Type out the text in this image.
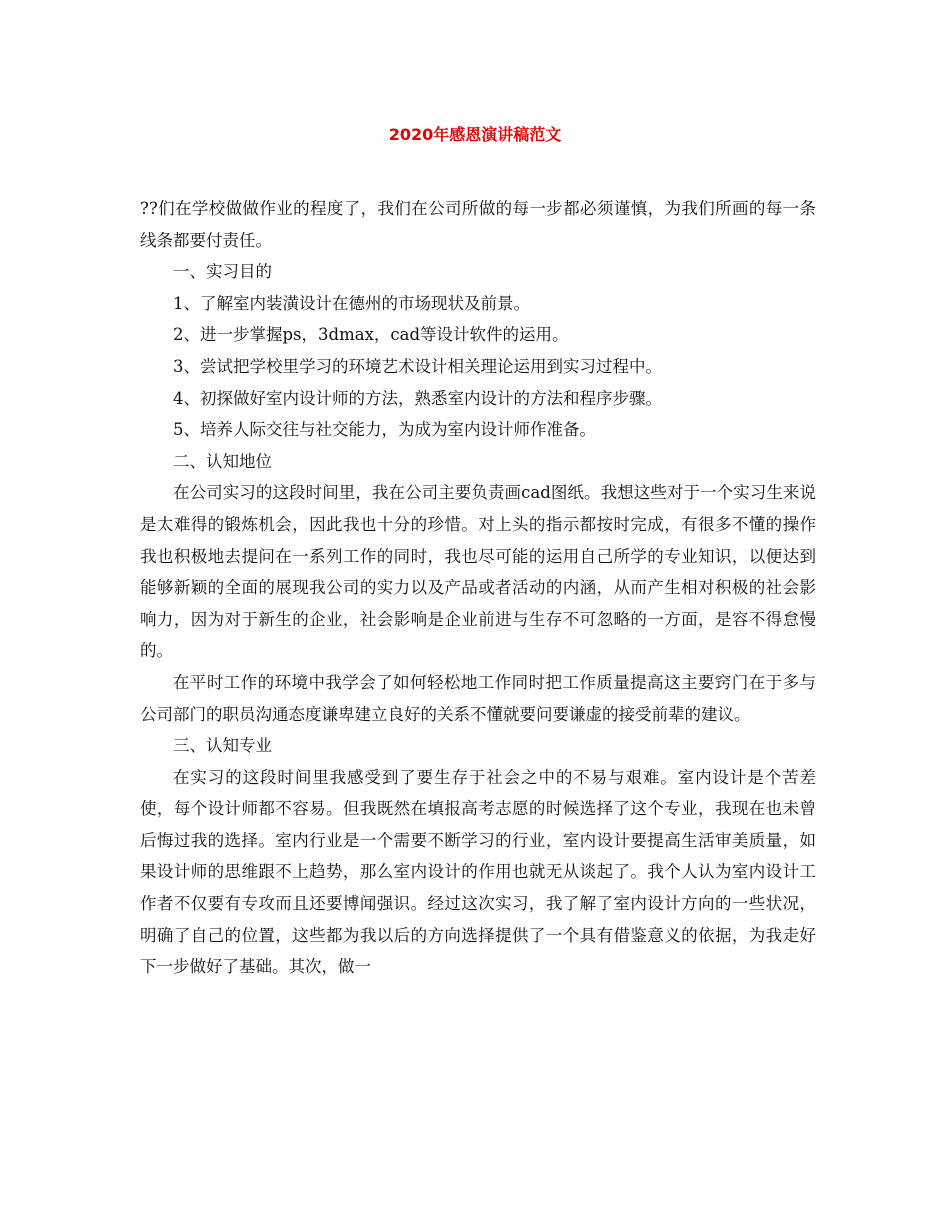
2020年感恩演讲稿范文

??们在学校做做作业的程度了，我们在公司所做的每一步都必须谨慎，为我们所画的每一条线条都要付责任。

一、实习目的

1、了解室内装潢设计在德州的市场现状及前景。

2、进一步掌握ps，3dmax，cad等设计软件的运用。

3、尝试把学校里学习的环境艺术设计相关理论运用到实习过程中。

4、初探做好室内设计师的方法，熟悉室内设计的方法和程序步骤。

5、培养人际交往与社交能力，为成为室内设计师作准备。

二、认知地位

在公司实习的这段时间里，我在公司主要负责画cad图纸。我想这些对于一个实习生来说是太难得的锻炼机会，因此我也十分的珍惜。对上头的指示都按时完成，有很多不懂的操作我也积极地去提问在一系列工作的同时，我也尽可能的运用自己所学的专业知识，以便达到能够新颖的全面的展现我公司的实力以及产品或者活动的内涵，从而产生相对积极的社会影响力，因为对于新生的企业，社会影响是企业前进与生存不可忽略的一方面，是容不得怠慢的。

在平时工作的环境中我学会了如何轻松地工作同时把工作质量提高这主要窍门在于多与公司部门的职员沟通态度谦卑建立良好的关系不懂就要问要谦虚的接受前辈的建议。

三、认知专业

在实习的这段时间里我感受到了要生存于社会之中的不易与艰难。室内设计是个苦差使，每个设计师都不容易。但我既然在填报高考志愿的时候选择了这个专业，我现在也未曾后悔过我的选择。室内行业是一个需要不断学习的行业，室内设计要提高生活审美质量，如果设计师的思维跟不上趋势，那么室内设计的作用也就无从谈起了。我个人认为室内设计工作者不仅要有专攻而且还要博闻强识。经过这次实习，我了解了室内设计方向的一些状况，明确了自己的位置，这些都为我以后的方向选择提供了一个具有借鉴意义的依据，为我走好下一步做好了基础。其次，做一
